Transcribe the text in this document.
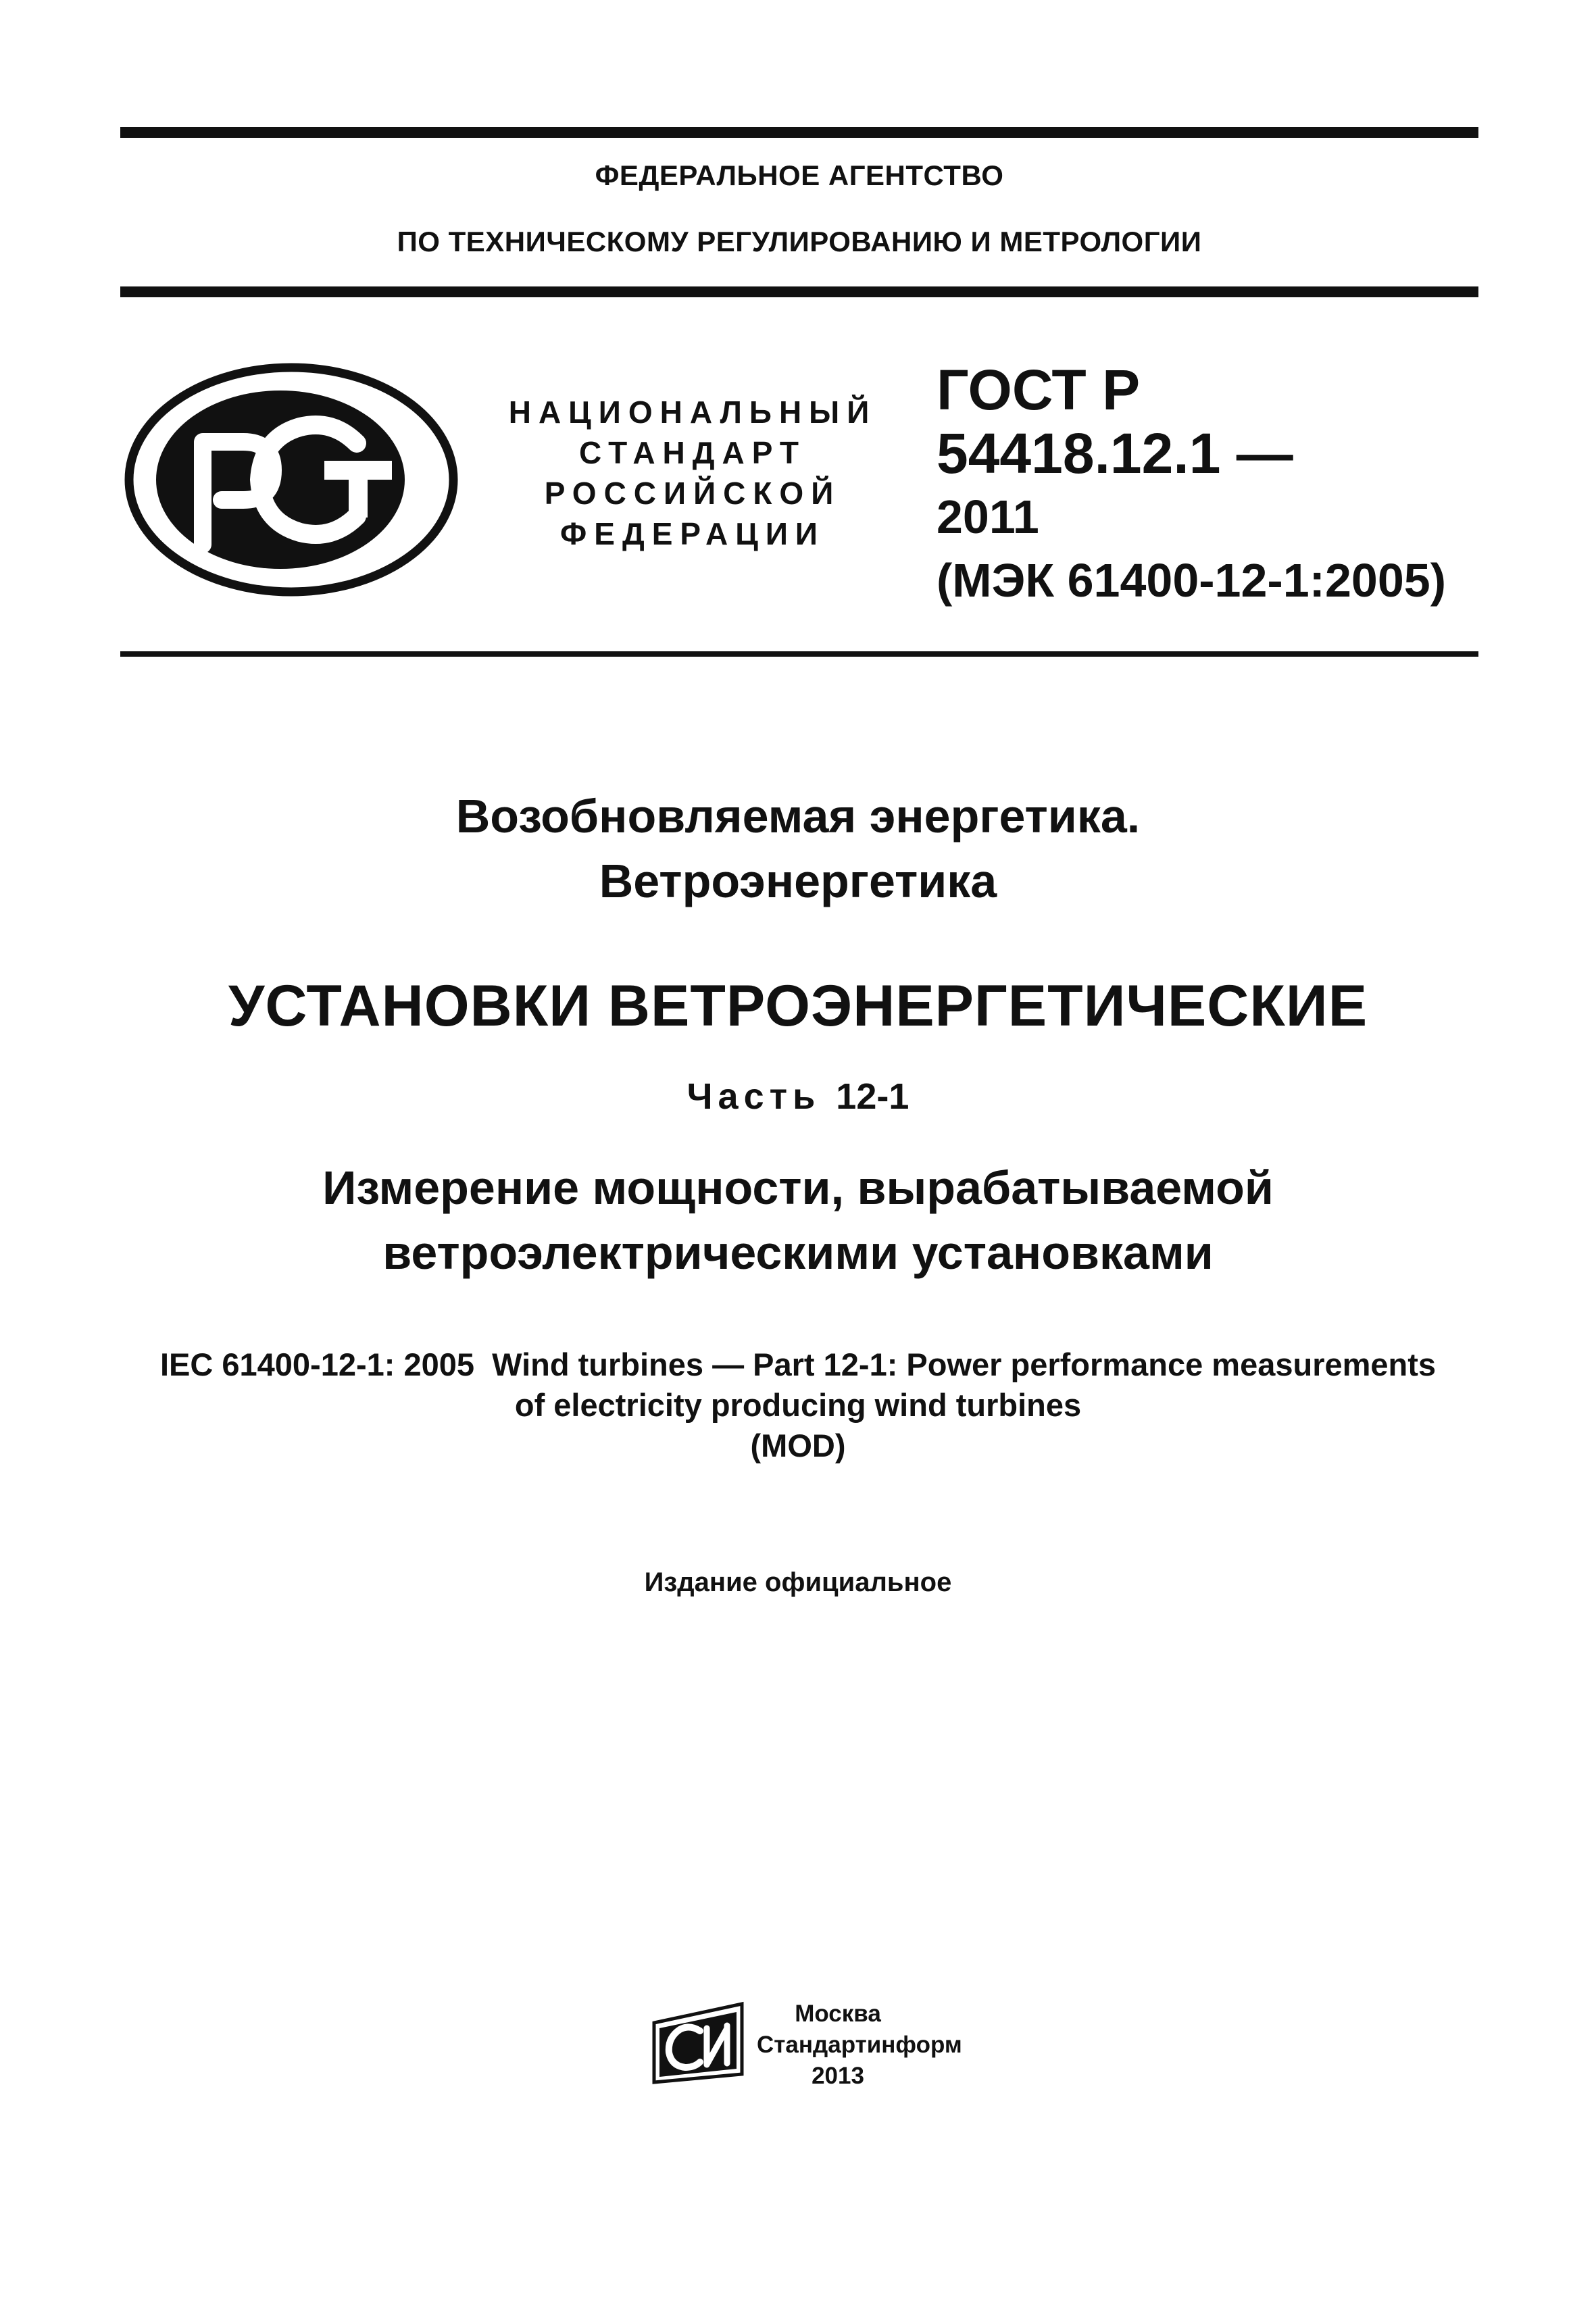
ФЕДЕРАЛЬНОЕ АГЕНТСТВО
ПО ТЕХНИЧЕСКОМУ РЕГУЛИРОВАНИЮ И МЕТРОЛОГИИ
НАЦИОНАЛЬНЫЙ
СТАНДАРТ
РОССИЙСКОЙ
ФЕДЕРАЦИИ
ГОСТ Р
54418.12.1 —
2011
(МЭК 61400-12-1:2005)
Возобновляемая энергетика.
Ветроэнергетика
УСТАНОВКИ ВЕТРОЭНЕРГЕТИЧЕСКИЕ
Часть 12-1
Измерение мощности, вырабатываемой
ветроэлектрическими установками
IEC 61400-12-1: 2005  Wind turbines — Part 12-1: Power performance measurements
of electricity producing wind turbines
(MOD)
Издание официальное
Москва
Стандартинформ
2013
